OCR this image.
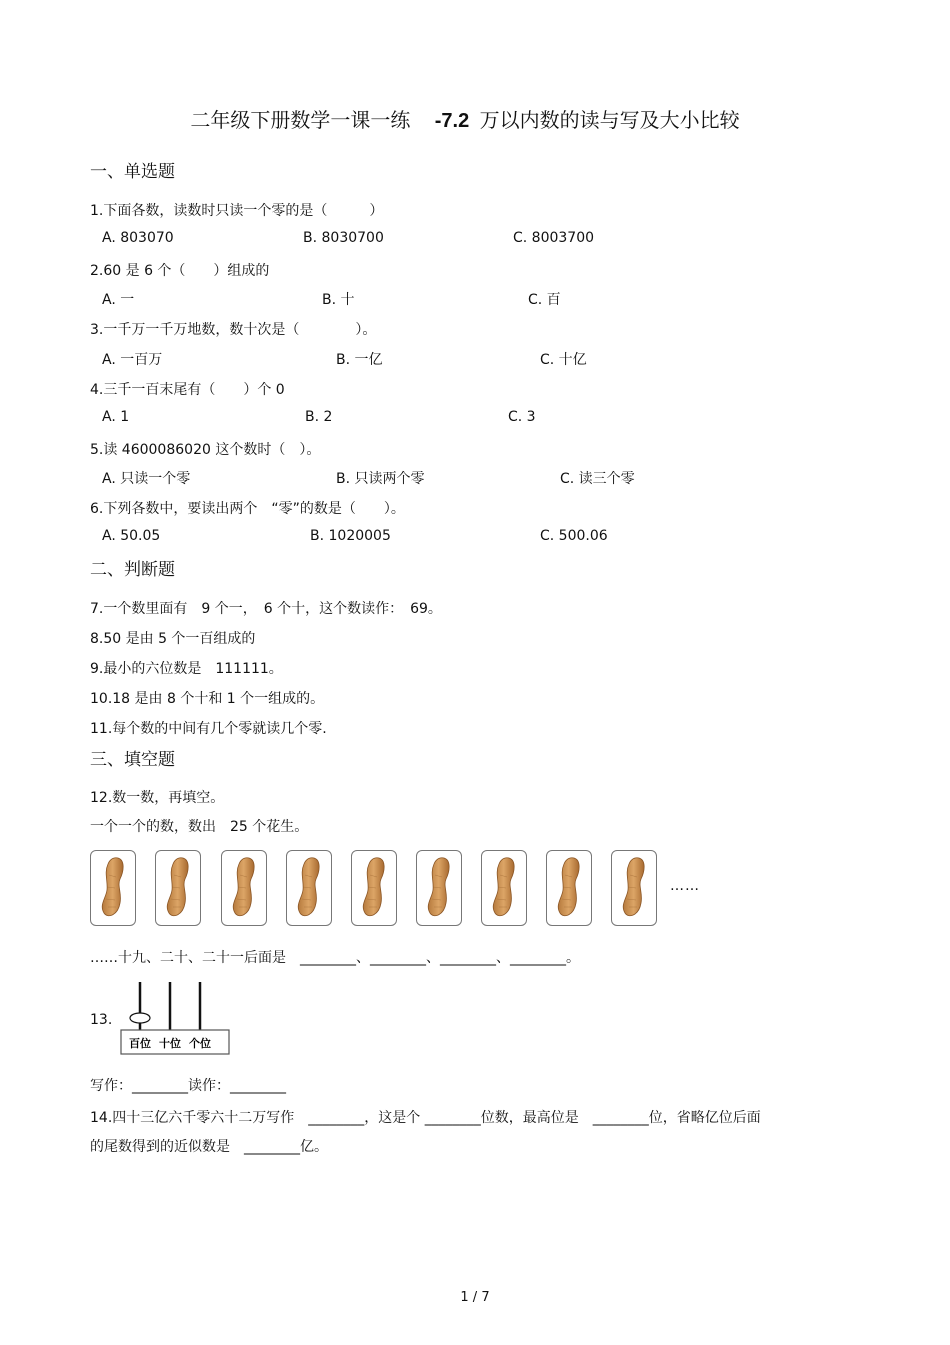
二年级下册数学一课一练 -7.2 万以内数的读与写及大小比较
一、单选题
1.下面各数，读数时只读一个零的是（　　　）
A. 803070	B. 8030700	C. 8003700
2.60 是 6 个（　　）组成的
A. 一	B. 十	C. 百
3.一千万一千万地数，数十次是（　　　　）。
A. 一百万	B. 一亿	C. 十亿
4.三千一百末尾有（　　）个 0
A. 1	B. 2	C. 3
5.读 4600086020 这个数时（　）。
A. 只读一个零	B. 只读两个零	C. 读三个零
6.下列各数中，要读出两个　“零”的数是（　　）。
A. 50.05	B. 1020005	C. 500.06
二、判断题
7.一个数里面有　9 个一，　6 个十，这个数读作：　69。
8.50 是由 5 个一百组成的
9.最小的六位数是　111111。
10.18 是由 8 个十和 1 个一组成的。
11.每个数的中间有几个零就读几个零.
三、填空题
12.数一数，再填空。
一个一个的数，数出　25 个花生。
……
……十九、二十、二十一后面是　________、________、________、________。
13.
百位 十位 个位
写作：________读作：________
14.四十三亿六千零六十二万写作　________，这是个 ________位数，最高位是　________位，省略亿位后面
的尾数得到的近似数是　________亿。
1 / 7
